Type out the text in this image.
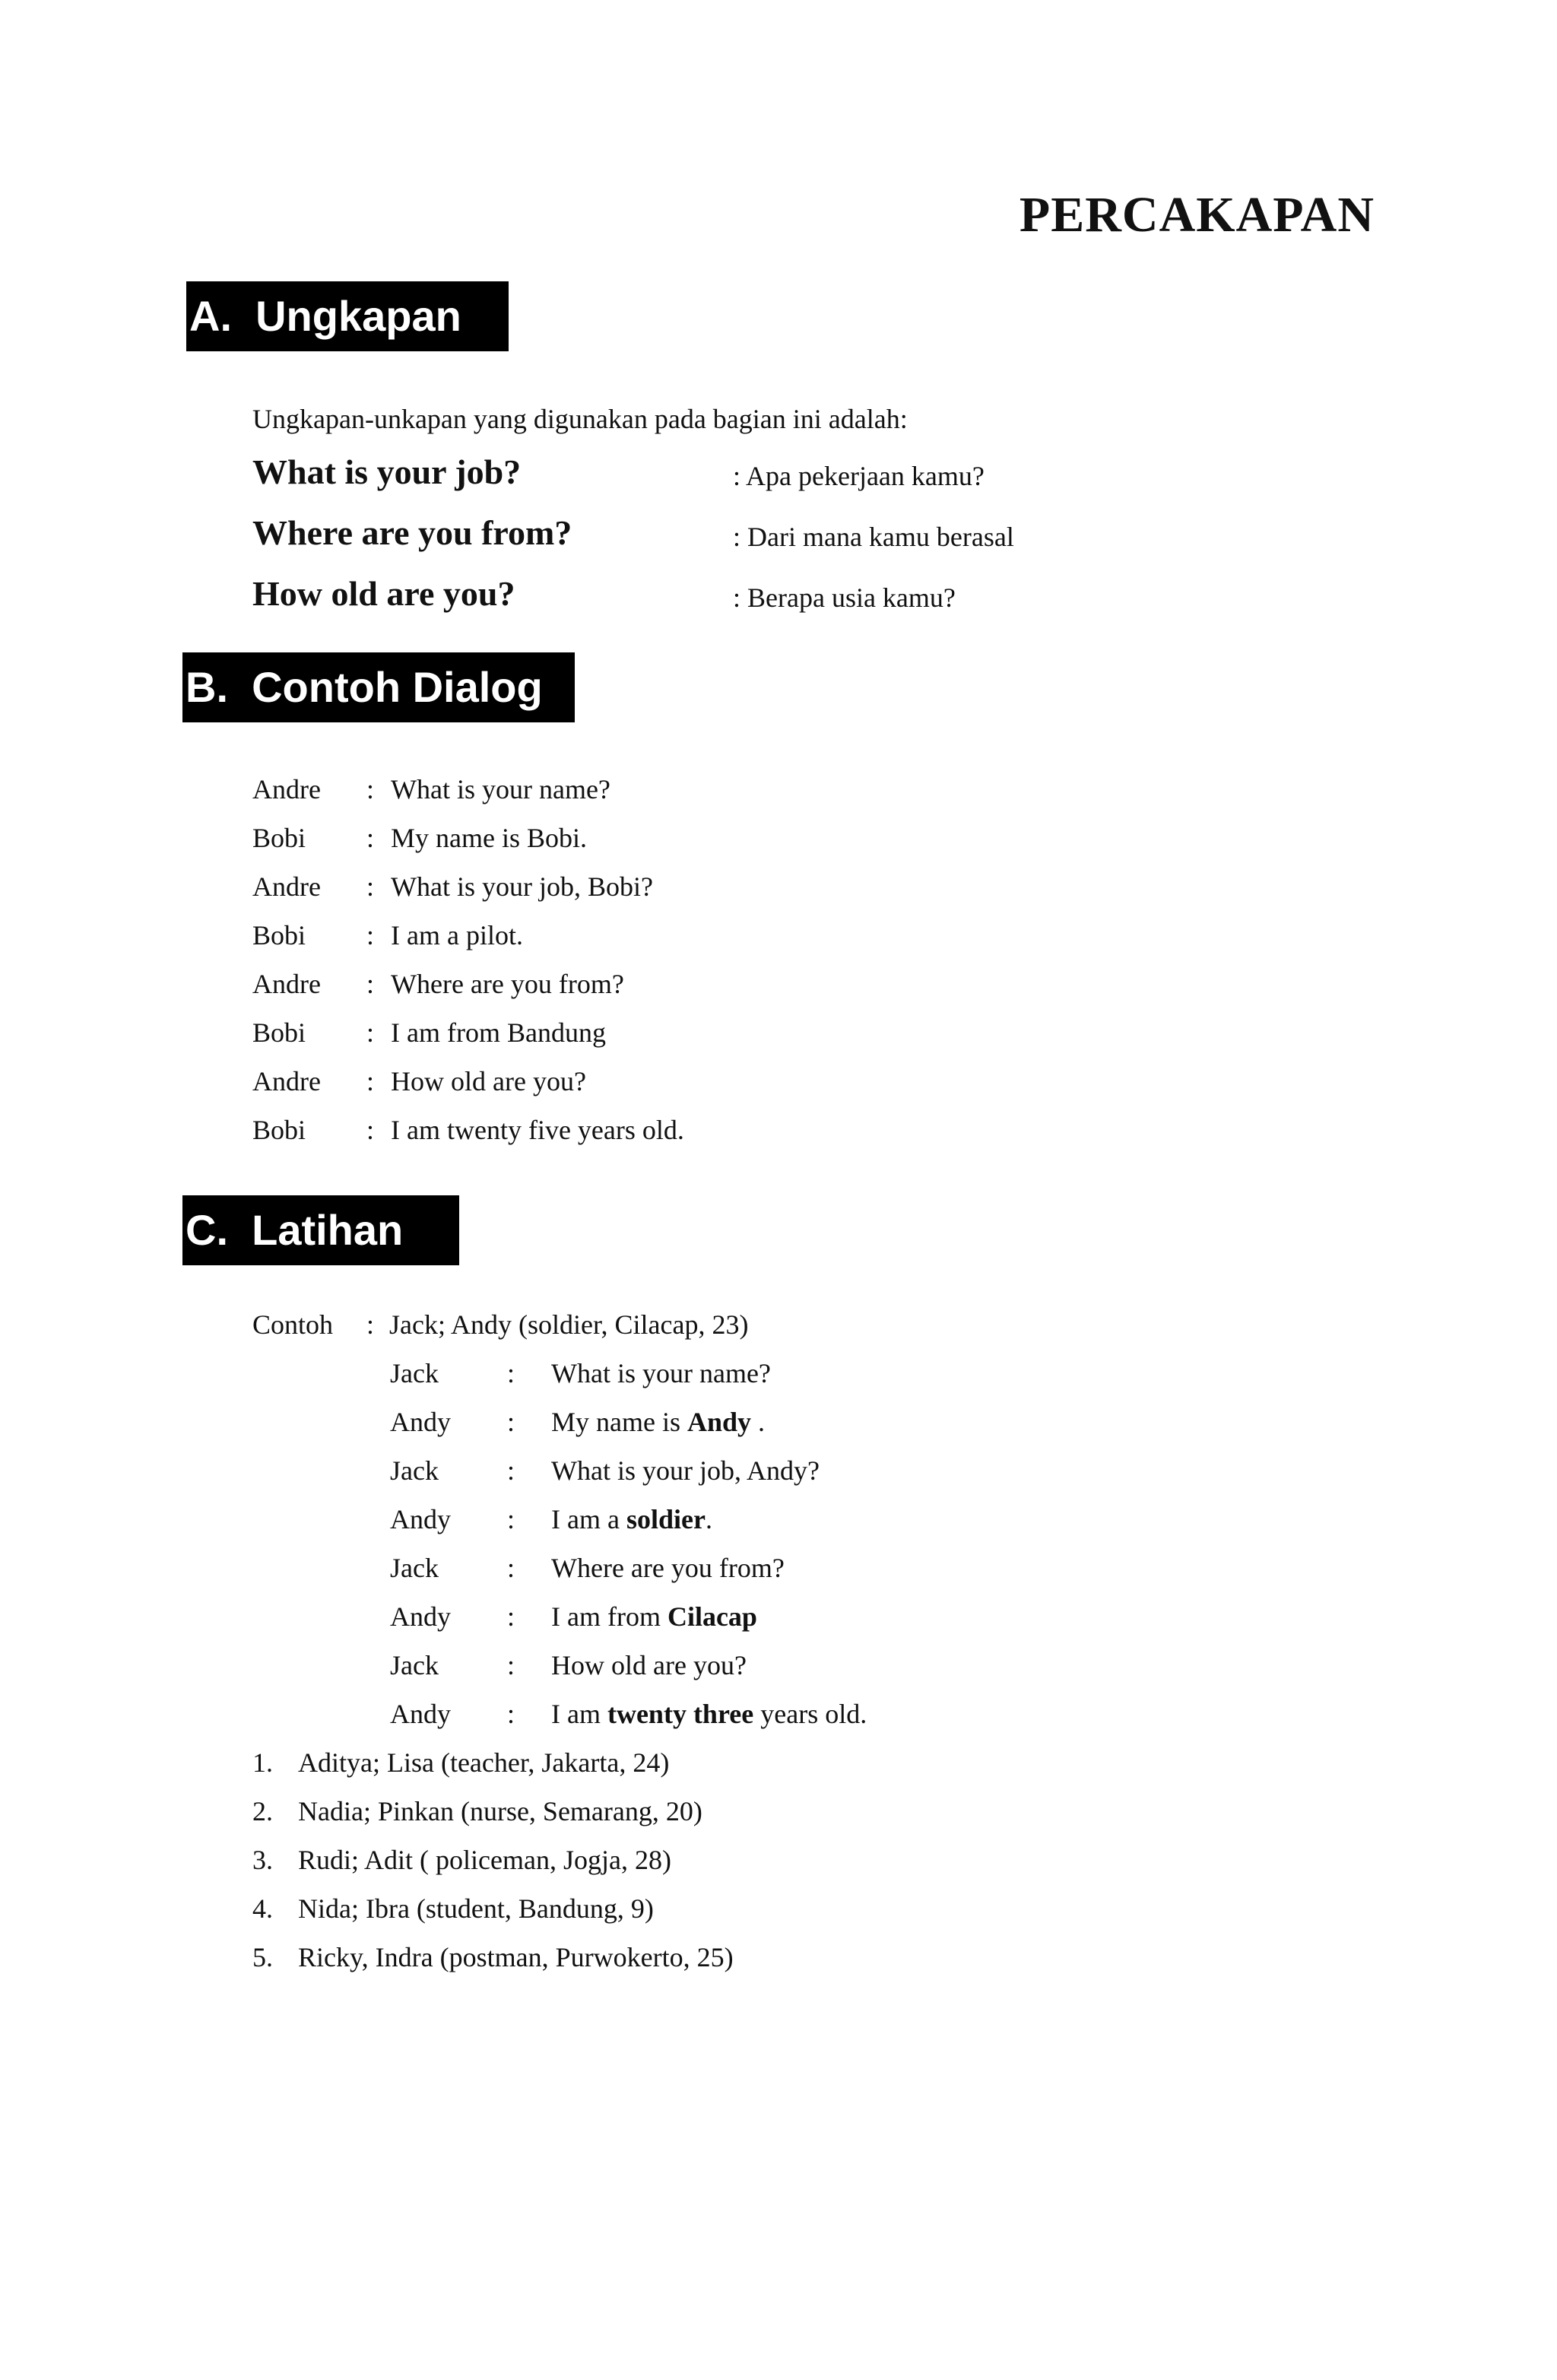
PERCAKAPAN
A.  Ungkapan
Ungkapan-unkapan yang digunakan pada bagian ini adalah:
What is your job?	: Apa pekerjaan kamu?
Where are you from?	: Dari mana kamu berasal
How old are you?	: Berapa usia kamu?
B.  Contoh Dialog
Andre : What is your name?
Bobi : My name is Bobi.
Andre : What is your job, Bobi?
Bobi : I am a pilot.
Andre : Where are you from?
Bobi : I am from Bandung
Andre : How old are you?
Bobi : I am twenty five years old.
C.  Latihan
Contoh : Jack; Andy (soldier, Cilacap, 23)
Jack	: What is your name?
Andy : My name is Andy .
Jack	: What is your job, Andy?
Andy : I am a soldier.
Jack	: Where are you from?
Andy : I am from Cilacap
Jack	: How old are you?
Andy : I am twenty three years old.
1. Aditya; Lisa (teacher, Jakarta, 24)
2. Nadia; Pinkan (nurse, Semarang, 20)
3. Rudi; Adit ( policeman, Jogja, 28)
4. Nida; Ibra (student, Bandung, 9)
5. Ricky, Indra (postman, Purwokerto, 25)
